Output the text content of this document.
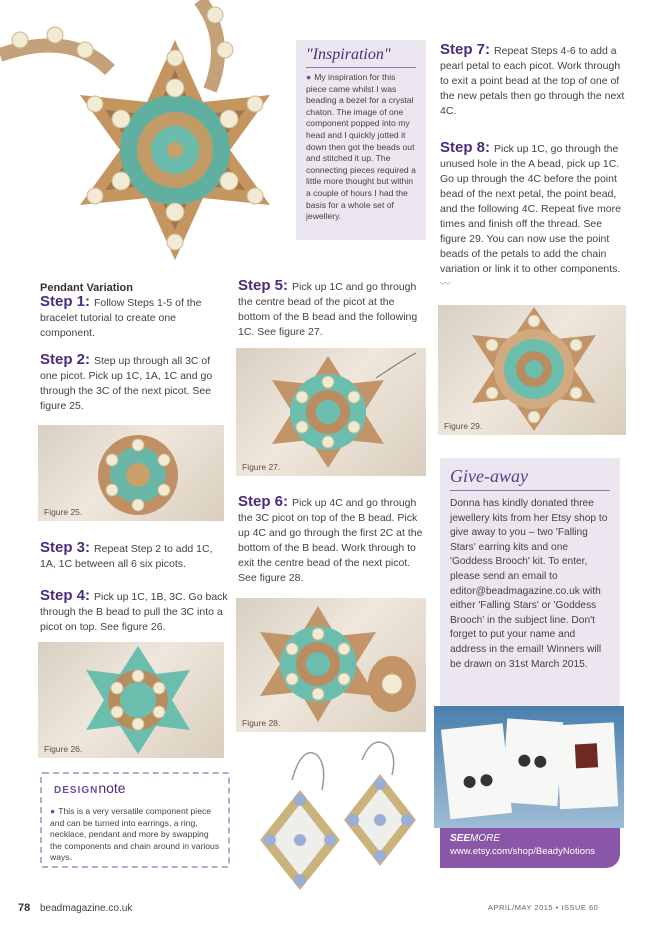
"Inspiration"
● My inspiration for this piece came whilst I was beading a bezel for a crystal chaton. The image of one component popped into my head and I quickly jotted it down then got the beads out and stitched it up. The connecting pieces required a little more thought but within a couple of hours I had the basis for a whole set of jewellery.
Pendant Variation
Step 1: Follow Steps 1-5 of the bracelet tutorial to create one component.
Step 2: Step up through all 3C of one picot. Pick up 1C, 1A, 1C and go through the 3C of the next picot. See figure 25.
Figure 25.
Step 3: Repeat Step 2 to add 1C, 1A, 1C between all 6 six picots.
Step 4: Pick up 1C, 1B, 3C. Go back through the B bead to pull the 3C into a picot on top. See figure 26.
Figure 26.
DESIGNnote
● This is a very versatile component piece and can be turned into earrings, a ring, necklace, pendant and more by swapping the components and chain around in various ways.
Step 5: Pick up 1C and go through the centre bead of the picot at the bottom of the B bead and the following 1C. See figure 27.
Figure 27.
Step 6: Pick up 4C and go through the 3C picot on top of the B bead. Pick up 4C and go through the first 2C at the bottom of the B bead. Work through to exit the centre bead of the next picot. See figure 28.
Figure 28.
Step 7: Repeat Steps 4-6 to add a pearl petal to each picot. Work through to exit a point bead at the top of one of the new petals then go through the next 4C.
Step 8: Pick up 1C, go through the unused hole in the A bead, pick up 1C. Go up through the 4C before the point bead of the next petal, the point bead, and the following 4C. Repeat five more times and finish off the thread. See figure 29. You can now use the point beads of the petals to add the chain variation or link it to other components. 〰
Figure 29.
Give-away
Donna has kindly donated three jewellery kits from her Etsy shop to give away to you – two 'Falling Stars' earring kits and one 'Goddess Brooch' kit. To enter, please send an email to editor@beadmagazine.co.uk with either 'Falling Stars' or 'Goddess Brooch' in the subject line. Don't forget to put your name and address in the email! Winners will be drawn on 31st March 2015.
SEEMORE
www.etsy.com/shop/BeadyNotions
78 beadmagazine.co.uk	APRIL/MAY 2015 • ISSUE 60
